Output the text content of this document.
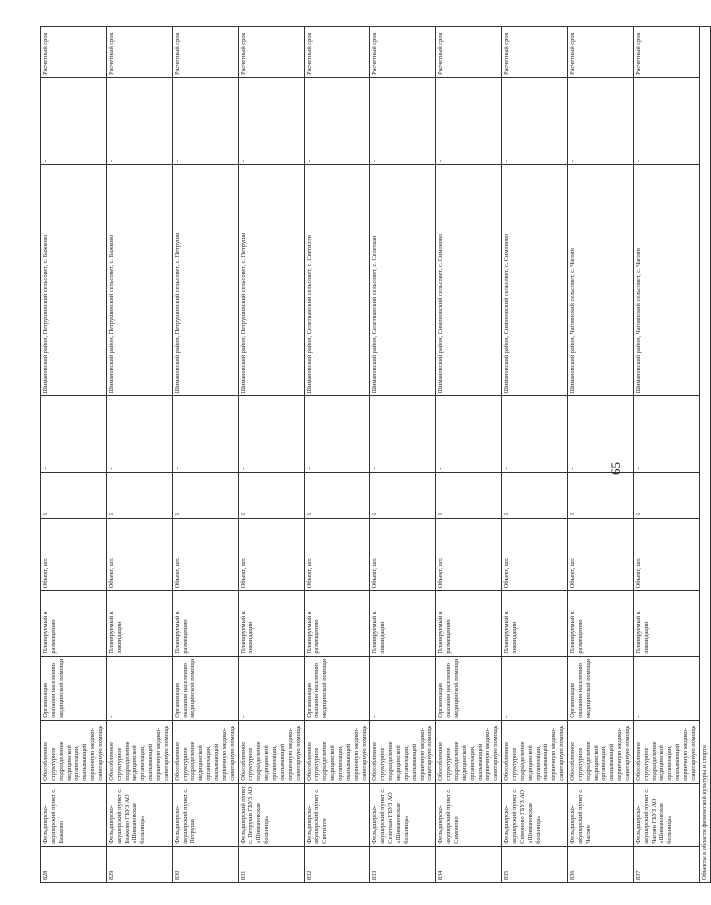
828	Фельдшерско-акушерский пункт с. Бажково	Обособленное структурное подразделение медицинской организации, оказывающей первичную медико-санитарную помощь	Организация оказания населению медицинской помощи	Планируемый к размещению	Объект, шт.	1	-	Шимановский район, Петрушинский сельсовет, с. Бажково	-	Расчетный срок
829	Фельдшерско-акушерский пункт с. Бажково ГБУЗ АО «Шимановская больница»	Обособленное структурное подразделение медицинской организации, оказывающей первичную медико-санитарную помощь	-	Планируемый к ликвидации	Объект, шт.	1	-	Шимановский район, Петрушинский сельсовет, с. Бажково	-	Расчетный срок
830	Фельдшерско-акушерский пункт с. Петруши	Обособленное структурное подразделение медицинской организации, оказывающей первичную медико-санитарную помощь	Организация оказания населению медицинской помощи	Планируемый к размещению	Объект, шт.	1	-	Шимановский район, Петрушинский сельсовет, с. Петруши	-	Расчетный срок
831	Фельдшерский пункт с. Петруши ГБУЗ АО «Шимановская больница»	Обособленное структурное подразделение медицинской организации, оказывающей первичную медико-санитарную помощь	-	Планируемый к ликвидации	Объект, шт.	1	-	Шимановский район, Петрушинский сельсовет, с. Петруши	-	Расчетный срок
832	Фельдшерско-акушерский пункт с. Светилтн	Обособленное структурное подразделение медицинской организации, оказывающей первичную медико-санитарную помощь	Организация оказания населению медицинской помощи	Планируемый к размещению	Объект, шт.	1	-	Шимановский район, Селетканский сельсовет, с. Светилтн	-	Расчетный срок
833	Фельдшерско-акушерский пункт с. Селеткан ГБУЗ АО «Шимановская больница»	Обособленное структурное подразделение медицинской организации, оказывающей первичную медико-санитарную помощь	-	Планируемый к ликвидации	Объект, шт.	1	-	Шимановский район, Селетканский сельсовет, с. Селеткан	-	Расчетный срок
834	Фельдшерско-акушерский пункт с. Симоново	Обособленное структурное подразделение медицинской организации, оказывающей первичную медико-санитарную помощь	Организация оказания населению медицинской помощи	Планируемый к размещению	Объект, шт.	1	-	Шимановский район, Симоновский сельсовет, с. Симоново	-	Расчетный срок
835	Фельдшерско-акушерский пункт с. Симоново ГБУЗ АО «Шимановская больница»	Обособленное структурное подразделение медицинской организации, оказывающей первичную медико-санитарную помощь	-	Планируемый к ликвидации	Объект, шт.	1	-	Шимановский район, Симоновский сельсовет, с. Симоново	-	Расчетный срок
836	Фельдшерско-акушерский пункт с. Чагоян	Обособленное структурное подразделение медицинской организации, оказывающей первичную медико-санитарную помощь	Организация оказания населению медицинской помощи	Планируемый к размещению	Объект, шт.	1	-	Шимановский район, Чагоянский сельсовет, с. Чагоян	-	Расчетный срок
837	Фельдшерско-акушерский пункт с. Чагоян ГБУЗ АО «Шимановская больница»	Обособленное структурное подразделение медицинской организации, оказывающей первичную медико-санитарную помощь	-	Планируемый к ликвидации	Объект, шт.	1	-	Шимановский район, Чагоянский сельсовет, с. Чагоян	-	Расчетный срок
Объекты в области физической культуры и спорта										
65
